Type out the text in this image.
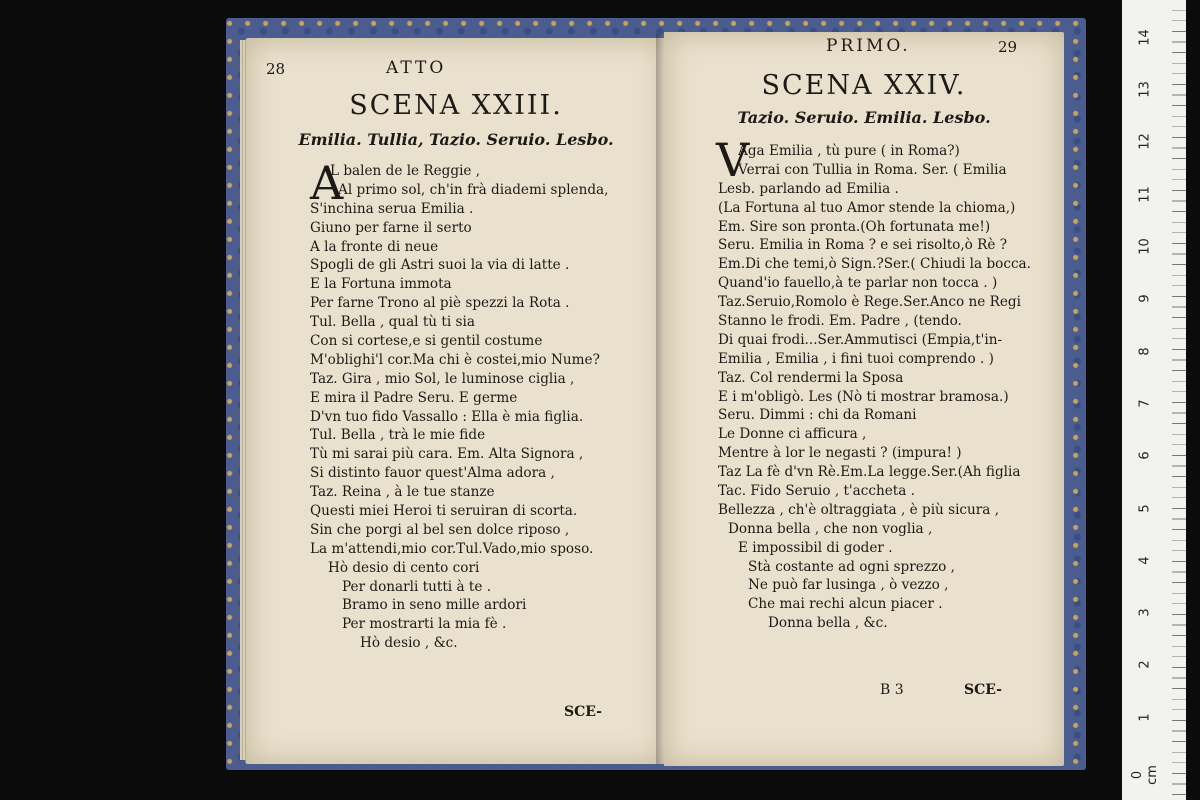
28	ATTO
SCENA XXIII.
Emilia. Tullia, Tazio. Seruio. Lesbo.
A
L balen de le Reggie ,
Al primo sol, ch'in frà diademi splenda,
S'inchina serua Emilia .
Giuno per farne il serto
A la fronte di neue
Spogli de gli Astri suoi la via di latte .
E la Fortuna immota
Per farne Trono al piè spezzi la Rota .
Tul. Bella , qual tù ti sia
Con si cortese,e si gentil costume
M'oblighi'l cor.Ma chi è costei,mio Nume?
Taz. Gira , mio Sol, le luminose ciglia ,
E mira il Padre Seru. E germe
D'vn tuo fido Vassallo : Ella è mia figlia.
Tul. Bella , trà le mie fide
Tù mi sarai più cara. Em. Alta Signora ,
Si distinto fauor quest'Alma adora ,
Taz. Reina , à le tue stanze
Questi miei Heroi ti seruiran di scorta.
Sin che porgi al bel sen dolce riposo ,
La m'attendi,mio cor.Tul.Vado,mio sposo.
Hò desio di cento cori
Per donarli tutti à te .
Bramo in seno mille ardori
Per mostrarti la mia fè .
Hò desio , &c.
SCE-
PRIMO.	29
SCENA XXIV.
Tazio. Seruio. Emilia. Lesbo.
V
Aga Emilia , tù pure ( in Roma?)
Verrai con Tullia in Roma. Ser. ( Emilia
Lesb. parlando ad Emilia .
(La Fortuna al tuo Amor stende la chioma,)
Em. Sire son pronta.(Oh fortunata me!)
Seru. Emilia in Roma ? e sei risolto,ò Rè ?
Em.Di che temi,ò Sign.?Ser.( Chiudi la bocca.
Quand'io fauello,à te parlar non tocca . )
Taz.Seruio,Romolo è Rege.Ser.Anco ne Regi
Stanno le frodi. Em. Padre , (tendo.
Di quai frodi...Ser.Ammutisci (Empia,t'in-
Emilia , Emilia , i fini tuoi comprendo . )
Taz. Col rendermi la Sposa
E i m'obligò. Les (Nò ti mostrar bramosa.)
Seru. Dimmi : chi da Romani
Le Donne ci afficura ,
Mentre à lor le negasti ? (impura! )
Taz La fè d'vn Rè.Em.La legge.Ser.(Ah figlia
Tac. Fido Seruio , t'accheta .
Bellezza , ch'è oltraggiata , è più sicura ,
Donna bella , che non voglia ,
E impossibil di goder .
Stà costante ad ogni sprezzo ,
Ne può far lusinga , ò vezzo ,
Che mai rechi alcun piacer .
Donna bella , &c.
B 3	SCE-
0 cm
1
2
3
4
5
6
7
8
9
10
11
12
13
14
